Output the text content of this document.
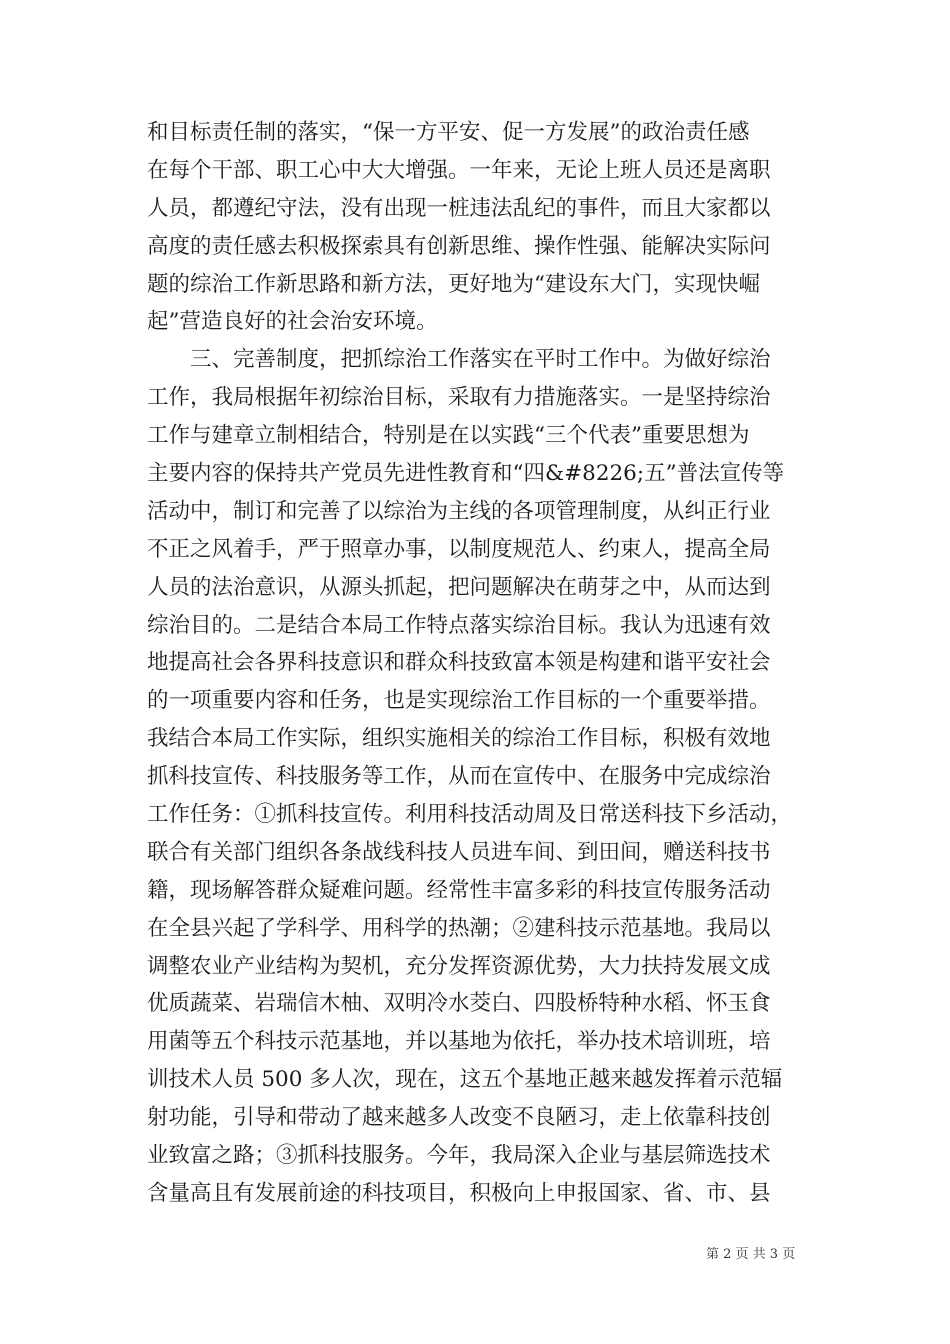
和目标责任制的落实，“保一方平安、促一方发展”的政治责任感
在每个干部、职工心中大大增强。一年来，无论上班人员还是离职
人员，都遵纪守法，没有出现一桩违法乱纪的事件，而且大家都以
高度的责任感去积极探索具有创新思维、操作性强、能解决实际问
题的综治工作新思路和新方法，更好地为“建设东大门，实现快崛
起”营造良好的社会治安环境。
　　三、完善制度，把抓综治工作落实在平时工作中。为做好综治
工作，我局根据年初综治目标，采取有力措施落实。一是坚持综治
工作与建章立制相结合，特别是在以实践“三个代表”重要思想为
主要内容的保持共产党员先进性教育和“四&#8226;五”普法宣传等
活动中，制订和完善了以综治为主线的各项管理制度，从纠正行业
不正之风着手，严于照章办事，以制度规范人、约束人，提高全局
人员的法治意识，从源头抓起，把问题解决在萌芽之中，从而达到
综治目的。二是结合本局工作特点落实综治目标。我认为迅速有效
地提高社会各界科技意识和群众科技致富本领是构建和谐平安社会
的一项重要内容和任务，也是实现综治工作目标的一个重要举措。
我结合本局工作实际，组织实施相关的综治工作目标，积极有效地
抓科技宣传、科技服务等工作，从而在宣传中、在服务中完成综治
工作任务：①抓科技宣传。利用科技活动周及日常送科技下乡活动，
联合有关部门组织各条战线科技人员进车间、到田间，赠送科技书
籍，现场解答群众疑难问题。经常性丰富多彩的科技宣传服务活动
在全县兴起了学科学、用科学的热潮；②建科技示范基地。我局以
调整农业产业结构为契机，充分发挥资源优势，大力扶持发展文成
优质蔬菜、岩瑞信木柚、双明冷水茭白、四股桥特种水稻、怀玉食
用菌等五个科技示范基地，并以基地为依托，举办技术培训班，培
训技术人员 500 多人次，现在，这五个基地正越来越发挥着示范辐
射功能，引导和带动了越来越多人改变不良陋习，走上依靠科技创
业致富之路；③抓科技服务。今年，我局深入企业与基层筛选技术
含量高且有发展前途的科技项目，积极向上申报国家、省、市、县
第 2 页 共 3 页
